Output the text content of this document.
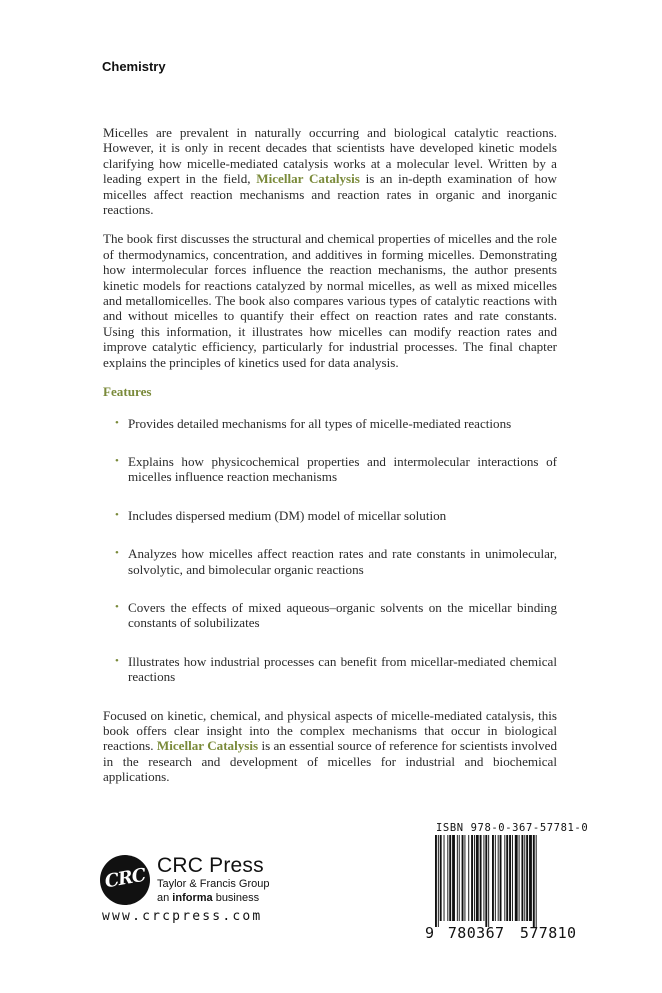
Chemistry

Micelles are prevalent in naturally occurring and biological catalytic reactions. However, it is only in recent decades that scientists have developed kinetic models clarifying how micelle-mediated catalysis works at a molecular level. Written by a leading expert in the field, Micellar Catalysis is an in-depth examination of how micelles affect reaction mechanisms and reaction rates in organic and inorganic reactions.

The book first discusses the structural and chemical properties of micelles and the role of thermodynamics, concentration, and additives in forming micelles. Demonstrating how intermolecular forces influence the reaction mechanisms, the author presents kinetic models for reactions catalyzed by normal micelles, as well as mixed micelles and metallomicelles. The book also compares various types of catalytic reactions with and without micelles to quantify their effect on reaction rates and rate constants. Using this information, it illustrates how micelles can modify reaction rates and improve catalytic efficiency, particularly for industrial processes. The final chapter explains the principles of kinetics used for data analysis.

Features
• Provides detailed mechanisms for all types of micelle-mediated reactions
• Explains how physicochemical properties and intermolecular interactions of micelles influence reaction mechanisms
• Includes dispersed medium (DM) model of micellar solution
• Analyzes how micelles affect reaction rates and rate constants in unimolecular, solvolytic, and bimolecular organic reactions
• Covers the effects of mixed aqueous–organic solvents on the micellar binding constants of solubilizates
• Illustrates how industrial processes can benefit from micellar-mediated chemical reactions

Focused on kinetic, chemical, and physical aspects of micelle-mediated catalysis, this book offers clear insight into the complex mechanisms that occur in biological reactions. Micellar Catalysis is an essential source of reference for scientists involved in the research and development of micelles for industrial and biochemical applications.

CRC CRC Press
Taylor & Francis Group
an informa business
www.crcpress.com
ISBN 978-0-367-57781-0
9 780367 577810
